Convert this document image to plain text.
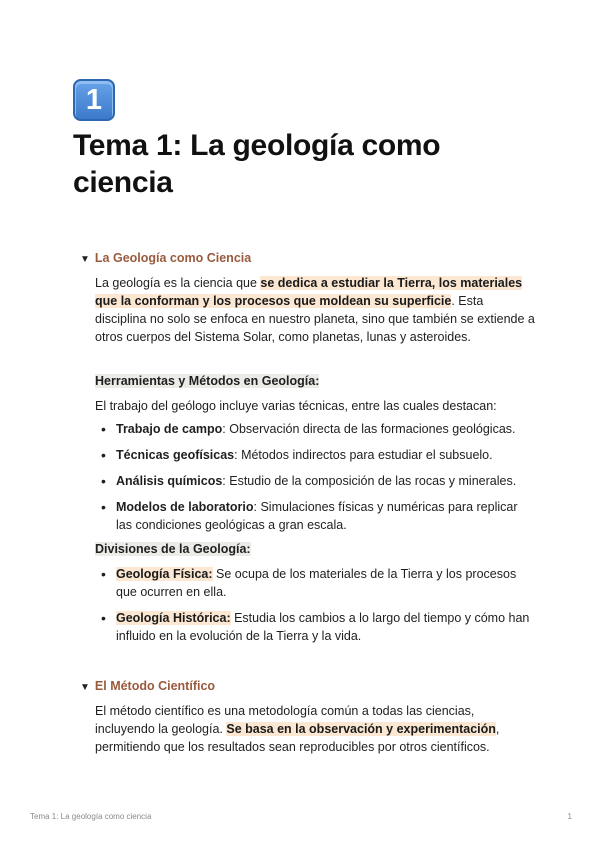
1
Tema 1: La geología como ciencia
▼ La Geología como Ciencia

La geología es la ciencia que se dedica a estudiar la Tierra, los materiales que la conforman y los procesos que moldean su superficie. Esta disciplina no solo se enfoca en nuestro planeta, sino que también se extiende a otros cuerpos del Sistema Solar, como planetas, lunas y asteroides.

Herramientas y Métodos en Geología:

El trabajo del geólogo incluye varias técnicas, entre las cuales destacan:

• Trabajo de campo: Observación directa de las formaciones geológicas.
• Técnicas geofísicas: Métodos indirectos para estudiar el subsuelo.
• Análisis químicos: Estudio de la composición de las rocas y minerales.
• Modelos de laboratorio: Simulaciones físicas y numéricas para replicar las condiciones geológicas a gran escala.
Divisiones de la Geología:
• Geología Física: Se ocupa de los materiales de la Tierra y los procesos que ocurren en ella.
• Geología Histórica: Estudia los cambios a lo largo del tiempo y cómo han influido en la evolución de la Tierra y la vida.
▼ El Método Científico

El método científico es una metodología común a todas las ciencias, incluyendo la geología. Se basa en la observación y experimentación, permitiendo que los resultados sean reproducibles por otros científicos.

Tema 1: La geología como ciencia	1
